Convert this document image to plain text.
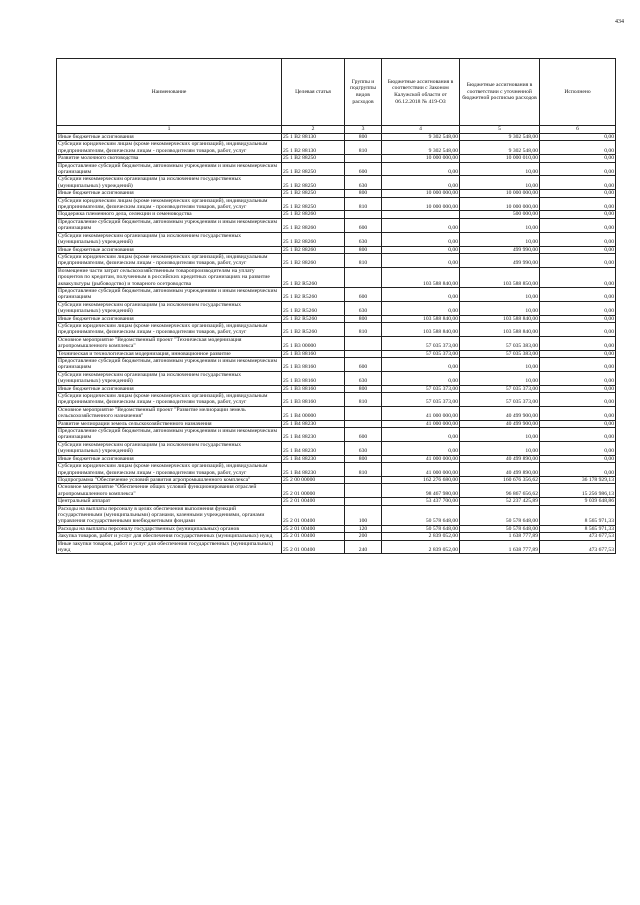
434
Наименование	Целевая статья	Группы и подгруппы видов расходов	Бюджетные ассигнования в соответствии с Законом Калужской области от 06.12.2018 № 419-ОЗ	Бюджетные ассигнования в соответствии с уточненной бюджетной росписью расходов	Исполнено
1	2	3	4	5	6
Иные бюджетные ассигнования	25 1 В2 88130	800	9 302 548,00	9 302 548,00	0,00
Субсидии юридическим лицам (кроме некоммерческих организаций), индивидуальным предпринимателям, физическим лицам - производителям товаров, работ, услуг	25 1 В2 88130	810	9 302 548,00	9 302 548,00	0,00
Развитие молочного скотоводства	25 1 В2 88250		10 000 000,00	10 000 010,00	0,00
Предоставление субсидий бюджетным, автономным учреждениям и иным некоммерческим организациям	25 1 В2 88250	600	0,00	10,00	0,00
Субсидии некоммерческим организациям (за исключением государственных (муниципальных) учреждений)	25 1 В2 88250	630	0,00	10,00	0,00
Иные бюджетные ассигнования	25 1 В2 88250	800	10 000 000,00	10 000 000,00	0,00
Субсидии юридическим лицам (кроме некоммерческих организаций), индивидуальным предпринимателям, физическим лицам - производителям товаров, работ, услуг	25 1 В2 88250	810	10 000 000,00	10 000 000,00	0,00
Поддержка племенного дела, селекции и семеноводства	25 1 В2 88260			500 000,00	0,00
Предоставление субсидий бюджетным, автономным учреждениям и иным некоммерческим организациям	25 1 В2 88260	600	0,00	10,00	0,00
Субсидии некоммерческим организациям (за исключением государственных (муниципальных) учреждений)	25 1 В2 88260	630	0,00	10,00	0,00
Иные бюджетные ассигнования	25 1 В2 88260	800	0,00	499 990,00	0,00
Субсидии юридическим лицам (кроме некоммерческих организаций), индивидуальным предпринимателям, физическим лицам - производителям товаров, работ, услуг	25 1 В2 88260	810	0,00	499 990,00	0,00
Возмещение части затрат сельскохозяйственным товаропроизводителям на уплату процентов по кредитам, полученным в российских кредитных организациях на развитие аквакультуры (рыбоводство) и товарного осетроводства	25 1 В2 R5260		103 588 840,00	103 588 850,00	0,00
Предоставление субсидий бюджетным, автономным учреждениям и иным некоммерческим организациям	25 1 В2 R5260	600	0,00	10,00	0,00
Субсидии некоммерческим организациям (за исключением государственных (муниципальных) учреждений)	25 1 В2 R5260	630	0,00	10,00	0,00
Иные бюджетные ассигнования	25 1 В2 R5260	800	103 588 840,00	103 588 840,00	0,00
Субсидии юридическим лицам (кроме некоммерческих организаций), индивидуальным предпринимателям, физическим лицам - производителям товаров, работ, услуг	25 1 В2 R5260	810	103 588 840,00	103 588 840,00	0,00
Основное мероприятие "Ведомственный проект "Техническая модернизация агропромышленного комплекса"	25 1 В3 00000		57 035 373,00	57 035 383,00	0,00
Техническая и технологическая модернизация, инновационное развитие	25 1 В3 88160		57 035 373,00	57 035 383,00	0,00
Предоставление субсидий бюджетным, автономным учреждениям и иным некоммерческим организациям	25 1 В3 88160	600	0,00	10,00	0,00
Субсидии некоммерческим организациям (за исключением государственных (муниципальных) учреждений)	25 1 В3 88160	630	0,00	10,00	0,00
Иные бюджетные ассигнования	25 1 В3 88160	800	57 035 373,00	57 035 373,00	0,00
Субсидии юридическим лицам (кроме некоммерческих организаций), индивидуальным предпринимателям, физическим лицам - производителям товаров, работ, услуг	25 1 В3 88160	810	57 035 373,00	57 035 373,00	0,00
Основное мероприятие "Ведомственный проект "Развитие мелиорации земель сельскохозяйственного назначения"	25 1 В4 00000		41 000 000,00	40 499 900,00	0,00
Развитие мелиорации земель сельскохозяйственного назначения	25 1 В4 88230		41 000 000,00	40 499 900,00	0,00
Предоставление субсидий бюджетным, автономным учреждениям и иным некоммерческим организациям	25 1 В4 88230	600	0,00	10,00	0,00
Субсидии некоммерческим организациям (за исключением государственных (муниципальных) учреждений)	25 1 В4 88230	630	0,00	10,00	0,00
Иные бюджетные ассигнования	25 1 В4 88230	800	41 000 000,00	40 499 890,00	0,00
Субсидии юридическим лицам (кроме некоммерческих организаций), индивидуальным предпринимателям, физическим лицам - производителям товаров, работ, услуг	25 1 В4 88230	810	41 000 000,00	40 499 890,00	0,00
Подпрограмма "Обеспечение условий развития агропромышленного комплекса"	25 2 00 00000		162 276 680,00	160 676 356,62	36 178 929,13
Основное мероприятие "Обеспечение общих условий функционирования отраслей агропромышленного комплекса"	25 2 01 00000		98 467 980,00	96 867 656,62	15 256 986,13
Центральный аппарат	25 2 01 00400		53 437 700,00	52 237 425,89	9 039 648,86
Расходы на выплаты персоналу в целях обеспечения выполнения функций государственными (муниципальными) органами, казенными учреждениями, органами управления государственными внебюджетными фондами	25 2 01 00400	100	50 578 648,00	50 578 648,00	8 565 971,33
Расходы на выплаты персоналу государственных (муниципальных) органов	25 2 01 00400	120	50 578 648,00	50 578 648,00	8 565 971,33
Закупка товаров, работ и услуг для обеспечения государственных (муниципальных) нужд	25 2 01 00400	200	2 839 052,00	1 638 777,89	473 677,53
Иные закупки товаров, работ и услуг для обеспечения государственных (муниципальных) нужд	25 2 01 00400	240	2 839 052,00	1 638 777,89	473 677,53
